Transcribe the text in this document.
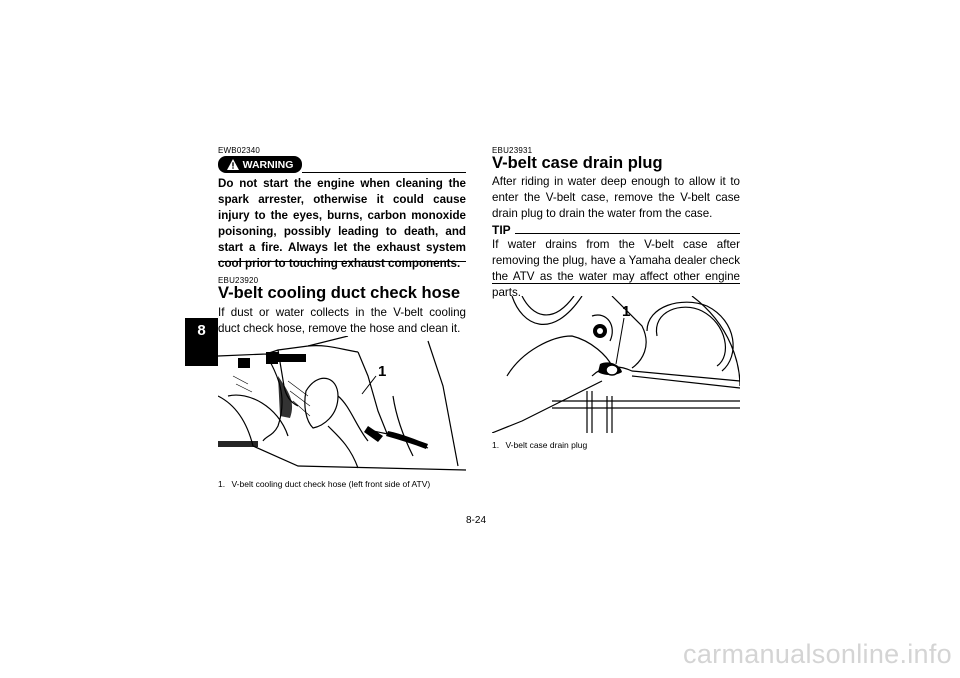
8
EWB02340
WARNING
Do not start the engine when cleaning the spark arrester, otherwise it could cause injury to the eyes, burns, carbon monoxide poisoning, possibly leading to death, and start a fire. Always let the exhaust system cool prior to touching exhaust components.
EBU23920
V-belt cooling duct check hose
If dust or water collects in the V-belt cooling duct check hose, remove the hose and clean it.
1
1. V-belt cooling duct check hose (left front side of ATV)
EBU23931
V-belt case drain plug
After riding in water deep enough to allow it to enter the V-belt case, remove the V-belt case drain plug to drain the water from the case.
TIP
If water drains from the V-belt case after removing the plug, have a Yamaha dealer check the ATV as the water may affect other engine parts.
1
1. V-belt case drain plug
8-24
carmanualsonline.info
